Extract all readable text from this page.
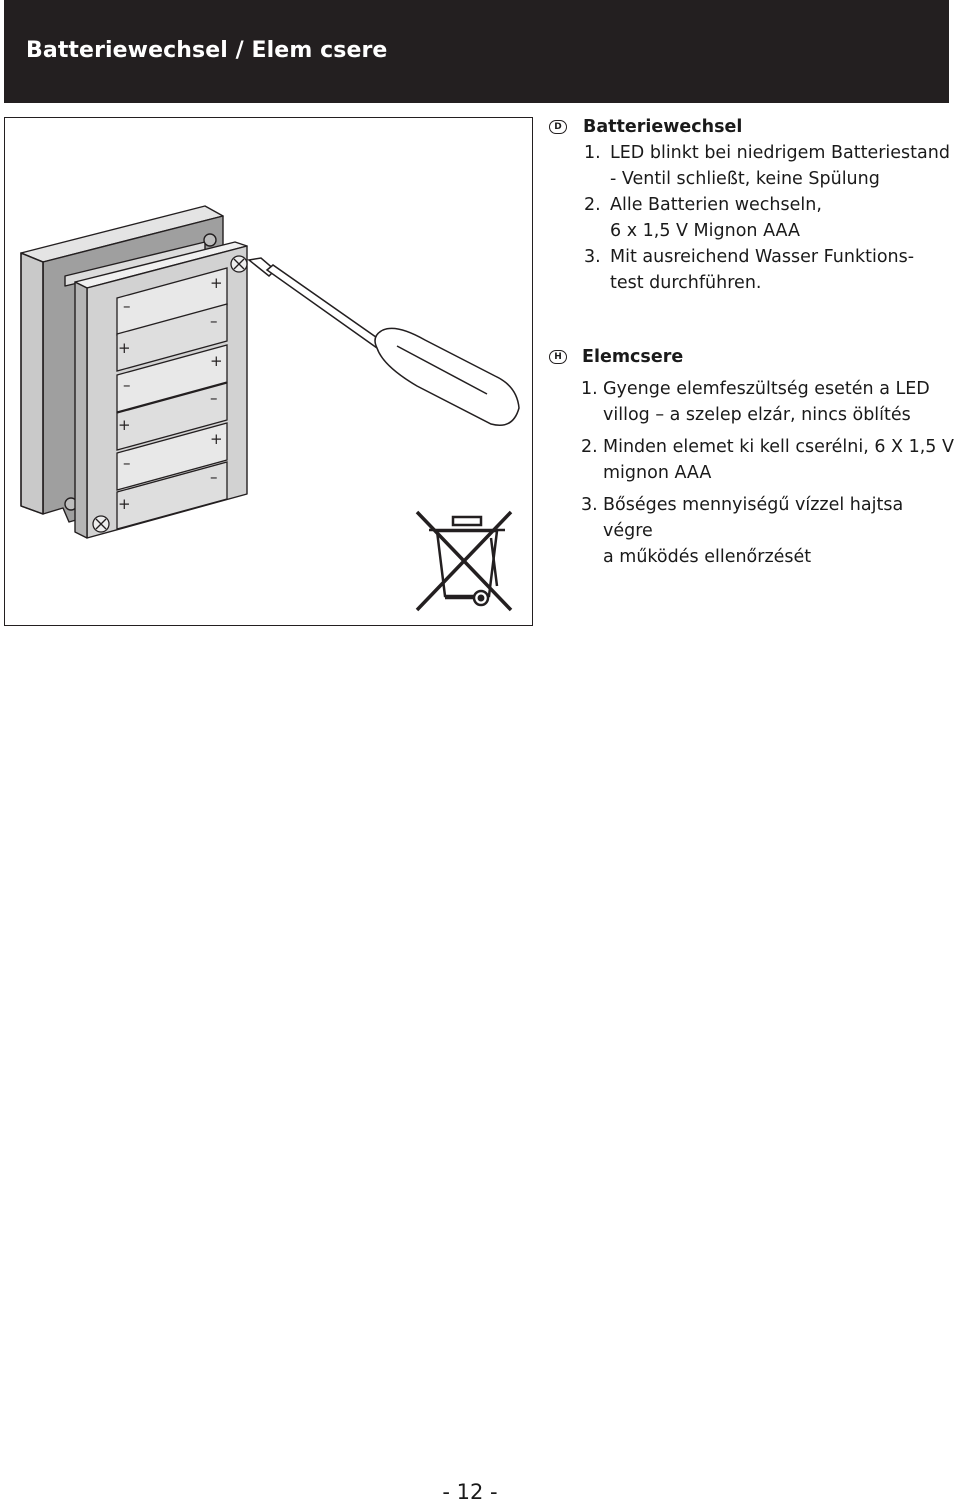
Batteriewechsel / Elem csere
–
+
–
+
–
+
–
+
–
+
–
+
D	Batteriewechsel
1. LED blinkt bei niedrigem Batteriestand
- Ventil schließt, keine Spülung
2. Alle Batterien wechseln,
6 x 1,5 V Mignon AAA
3. Mit ausreichend Wasser Funktions-
test durchführen.
H Elemcsere
1. Gyenge elemfeszültség esetén a LED
villog – a szelep elzár, nincs öblítés
2. Minden elemet ki kell cserélni, 6 X 1,5 V
mignon AAA
3. Bőséges mennyiségű vízzel hajtsa végre
a működés ellenőrzését
- 12 -
